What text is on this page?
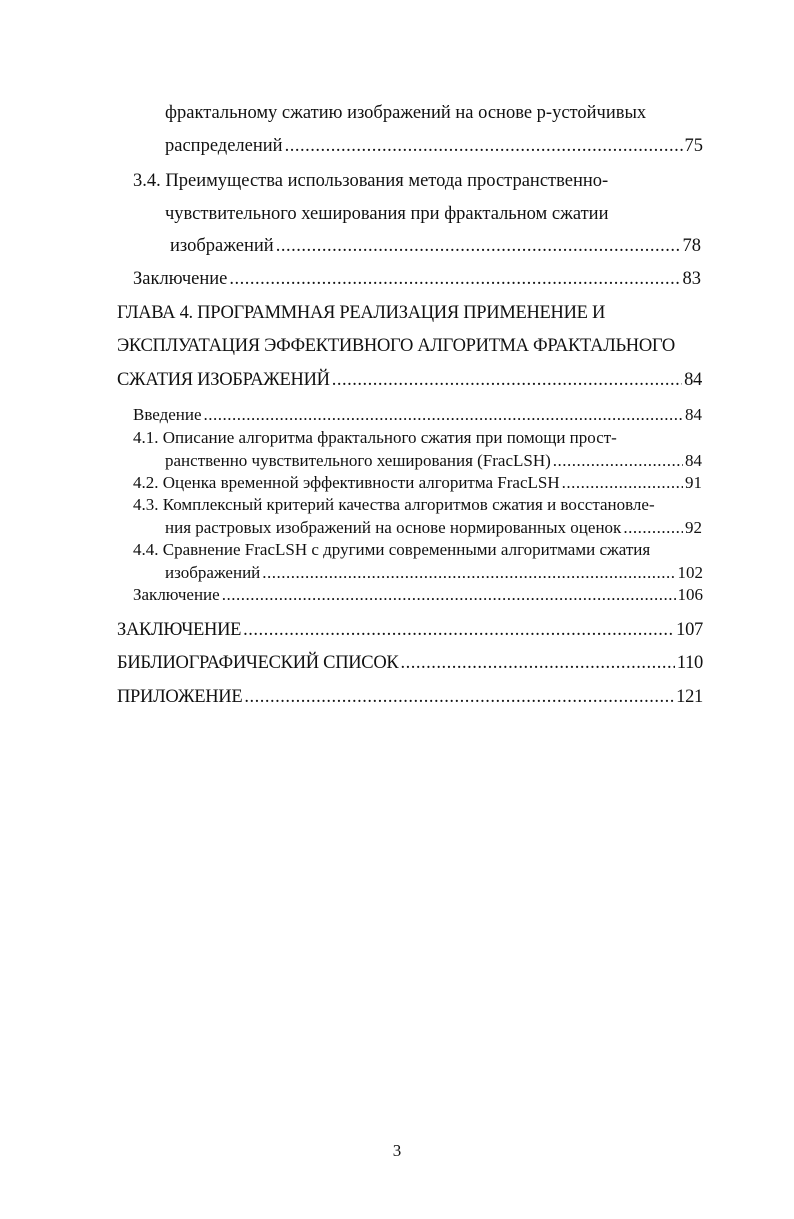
фрактальному сжатию изображений на основе p-устойчивых
распределений .....	75
3.4. Преимущества использования метода пространственно-
чувствительного хеширования при фрактальном сжатии
изображений .....	78
Заключение .....	83
ГЛАВА 4. ПРОГРАММНАЯ РЕАЛИЗАЦИЯ ПРИМЕНЕНИЕ И
ЭКСПЛУАТАЦИЯ ЭФФЕКТИВНОГО АЛГОРИТМА ФРАКТАЛЬНОГО
СЖАТИЯ ИЗОБРАЖЕНИЙ .....	84
Введение .....	84
4.1. Описание алгоритма фрактального сжатия при помощи прост-
ранственно чувствительного хеширования (FracLSH) .....	84
4.2. Оценка временной эффективности алгоритма FracLSH .....	91
4.3. Комплексный критерий качества алгоритмов сжатия и восстановле-
ния растровых изображений на основе нормированных оценок .....	92
4.4. Сравнение FracLSH с другими современными алгоритмами сжатия
изображений .....	102
Заключение .....	106
ЗАКЛЮЧЕНИЕ .....	107
БИБЛИОГРАФИЧЕСКИЙ СПИСОК .....	110
ПРИЛОЖЕНИЕ .....	121
3
